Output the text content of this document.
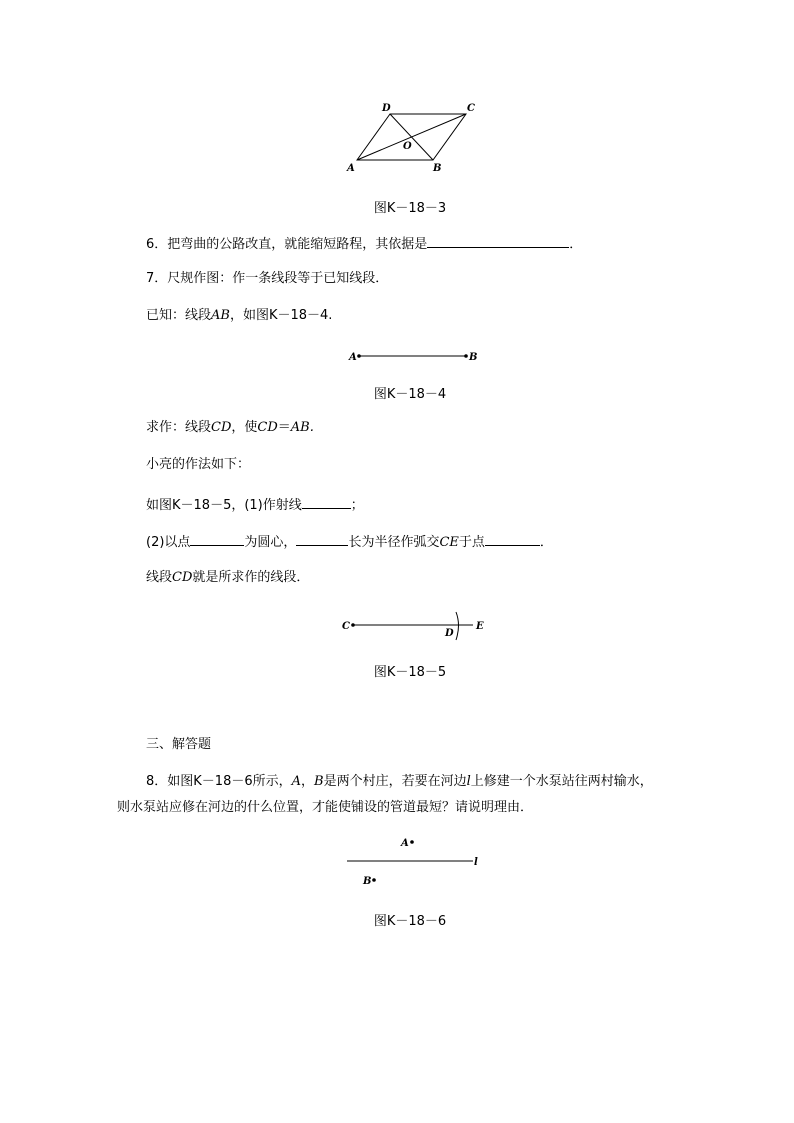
D	C
O
A	B
图K－18－3
6．把弯曲的公路改直，就能缩短路程，其依据是	．
7．尺规作图：作一条线段等于已知线段．
已知：线段AB，如图K－18－4.
A	B
图K－18－4
求作：线段CD，使CD＝AB.
小亮的作法如下：
如图K－18－5，(1)作射线	；
(2)以点	为圆心，	长为半径作弧交CE于点	．
线段CD就是所求作的线段．
C
D
E
图K－18－5
三、解答题
8．如图K－18－6所示，A，B是两个村庄，若要在河边l上修建一个水泵站往两村输水，
则水泵站应修在河边的什么位置，才能使铺设的管道最短？请说明理由．
A
B
l
图K－18－6
